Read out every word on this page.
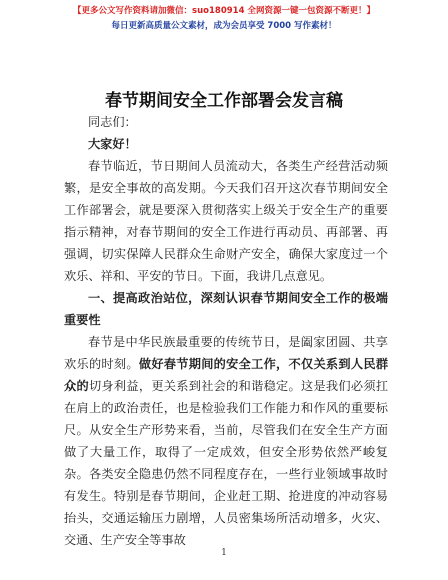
【更多公文写作资料请加微信：suo180914 全网资源一键一包资源不断更！】
每日更新高质量公文素材，成为会员享受 7000 写作素材！
春节期间安全工作部署会发言稿

同志们：

大家好！

春节临近，节日期间人员流动大，各类生产经营活动频繁，是安全事故的高发期。今天我们召开这次春节期间安全工作部署会，就是要深入贯彻落实上级关于安全生产的重要指示精神，对春节期间的安全工作进行再动员、再部署、再强调，切实保障人民群众生命财产安全，确保大家度过一个欢乐、祥和、平安的节日。下面，我讲几点意见。

一、提高政治站位，深刻认识春节期间安全工作的极端重要性

春节是中华民族最重要的传统节日，是阖家团圆、共享欢乐的时刻。做好春节期间的安全工作，不仅关系到人民群众的切身利益，更关系到社会的和谐稳定。这是我们必须扛在肩上的政治责任，也是检验我们工作能力和作风的重要标尺。从安全生产形势来看，当前，尽管我们在安全生产方面做了大量工作，取得了一定成效，但安全形势依然严峻复杂。各类安全隐患仍然不同程度存在，一些行业领域事故时有发生。特别是春节期间，企业赶工期、抢进度的冲动容易抬头，交通运输压力剧增，人员密集场所活动增多，火灾、交通、生产安全等事故

1
